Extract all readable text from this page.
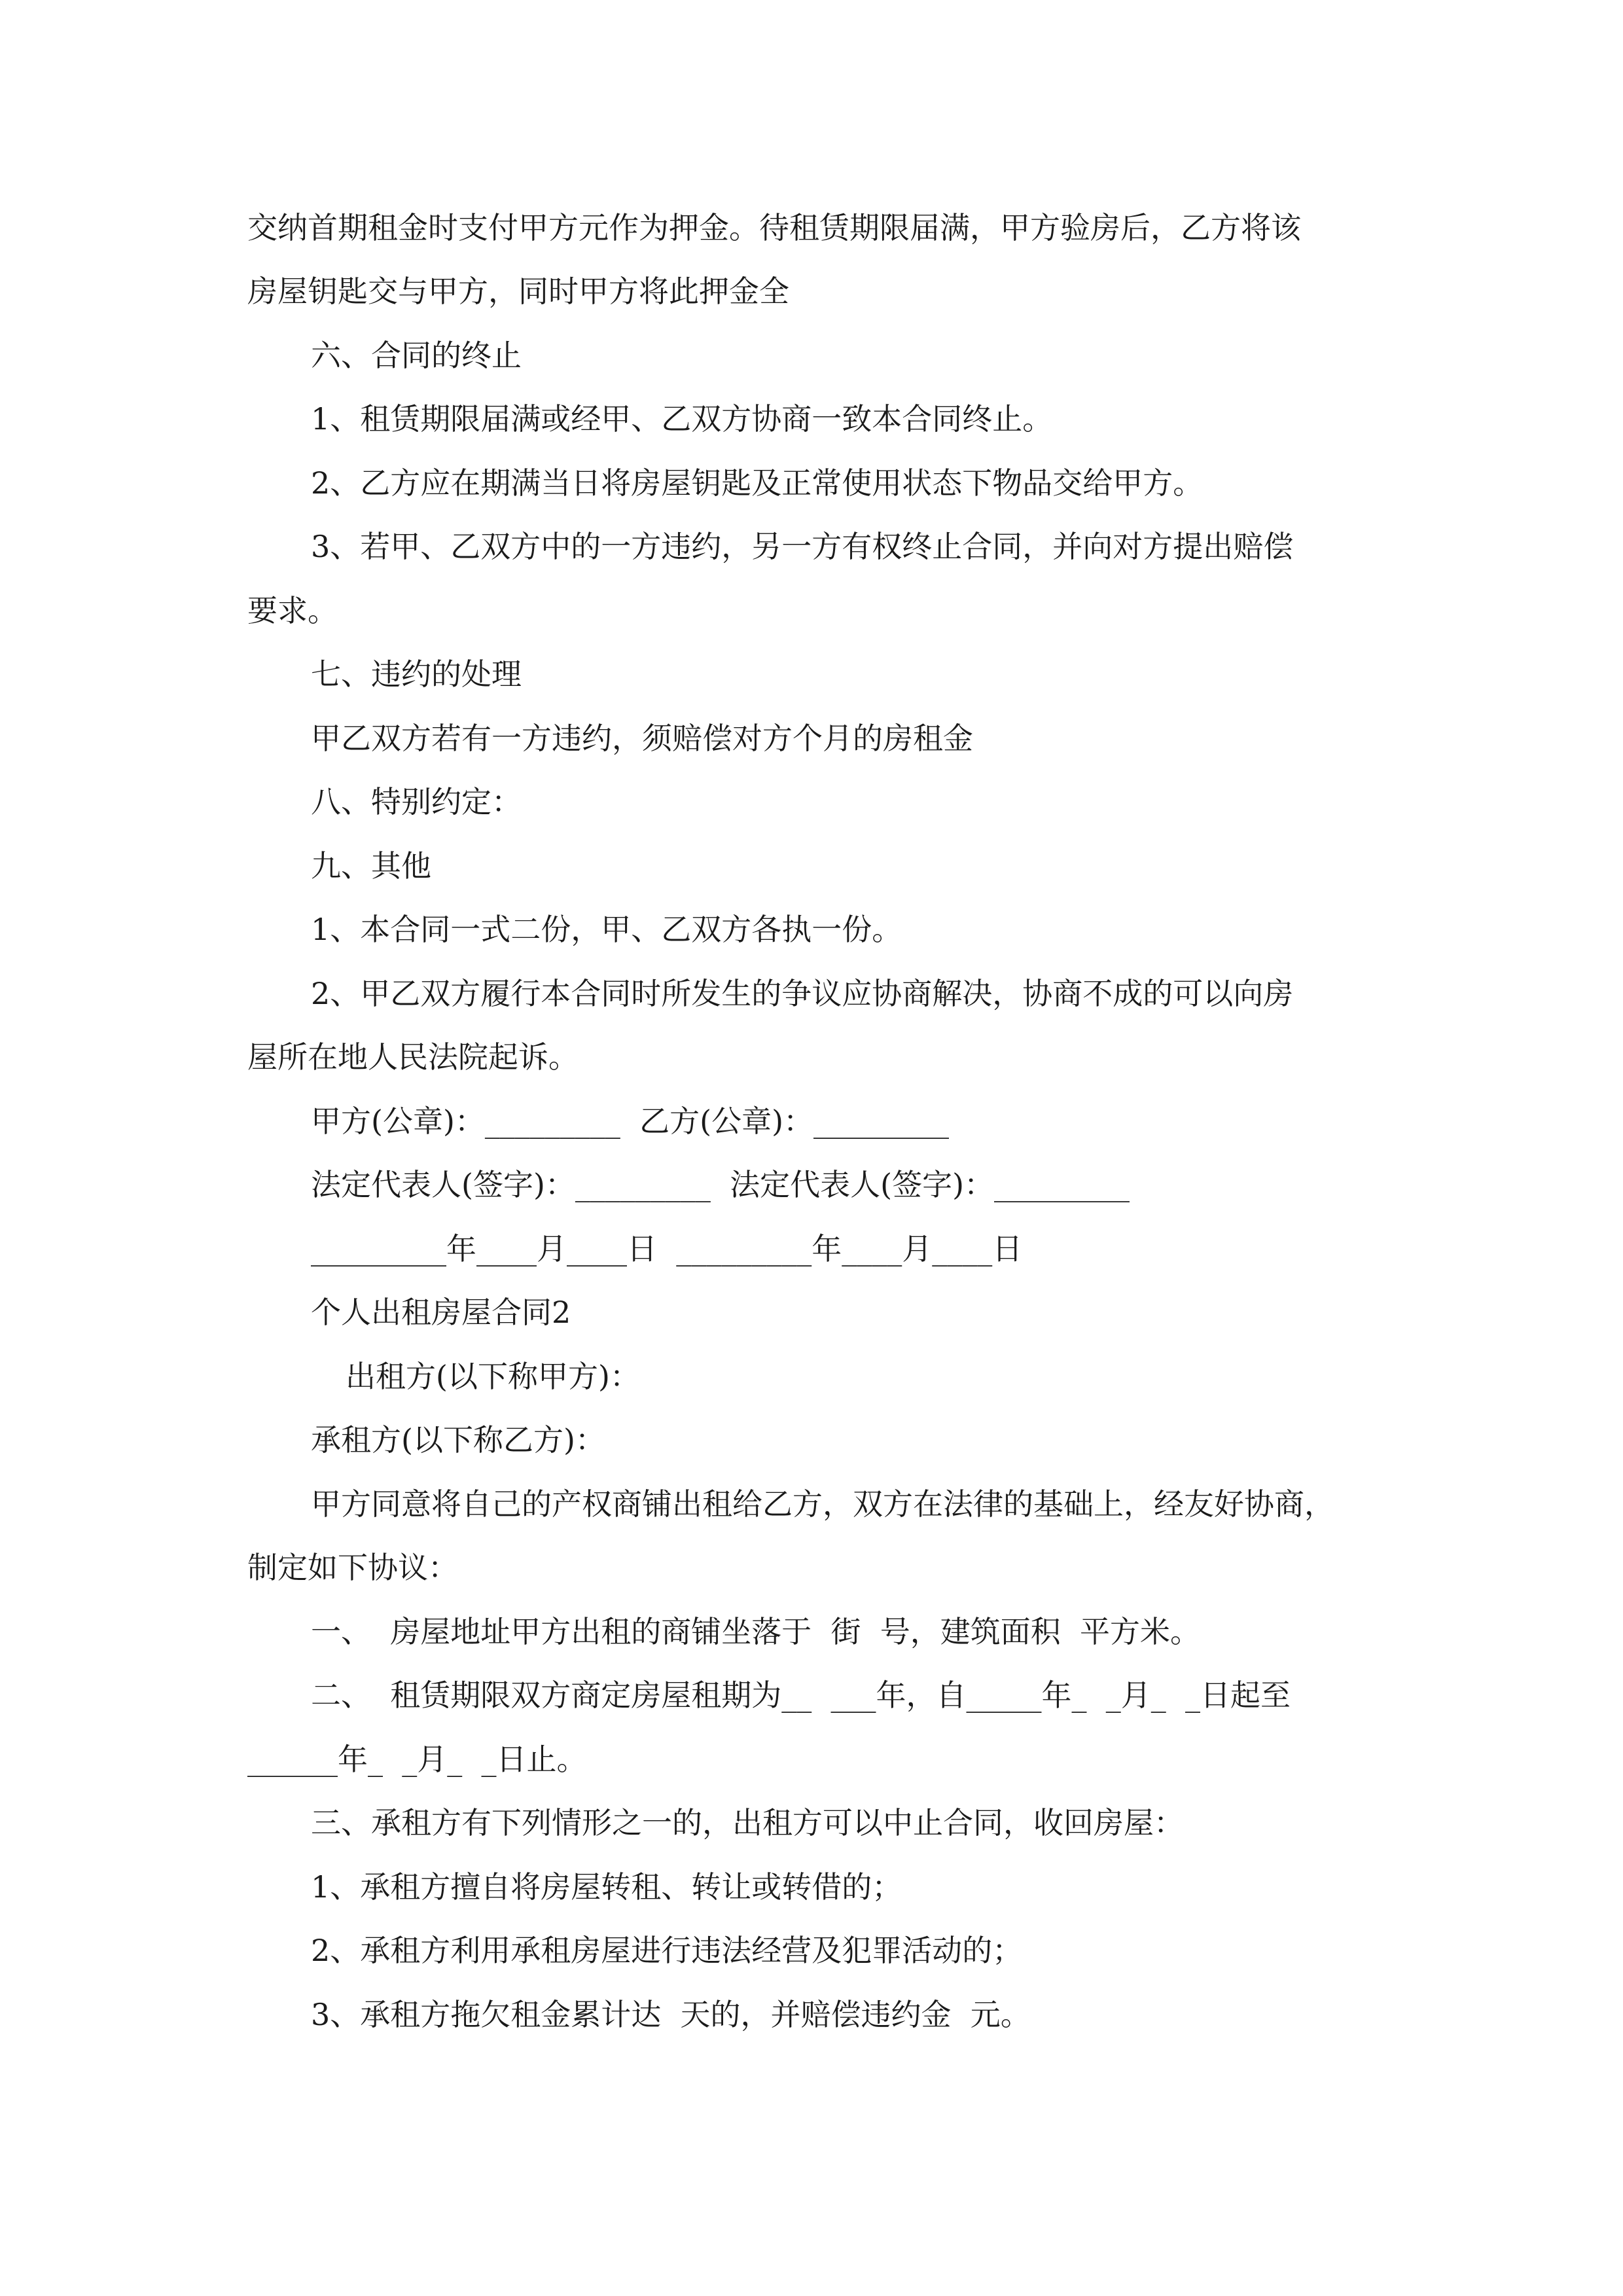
交纳首期租金时支付甲方元作为押金。待租赁期限届满，甲方验房后，乙方将该

房屋钥匙交与甲方，同时甲方将此押金全

六、合同的终止

1、租赁期限届满或经甲、乙双方协商一致本合同终止。

2、乙方应在期满当日将房屋钥匙及正常使用状态下物品交给甲方。

3、若甲、乙双方中的一方违约，另一方有权终止合同，并向对方提出赔偿

要求。

七、违约的处理

甲乙双方若有一方违约，须赔偿对方个月的房租金

八、特别约定：

九、其他

1、本合同一式二份，甲、乙双方各执一份。

2、甲乙双方履行本合同时所发生的争议应协商解决，协商不成的可以向房

屋所在地人民法院起诉。

甲方(公章)：_________  乙方(公章)：_________

法定代表人(签字)：_________  法定代表人(签字)：_________

_________年____月____日  _________年____月____日

个人出租房屋合同2

出租方(以下称甲方)：

承租方(以下称乙方)：

甲方同意将自己的产权商铺出租给乙方，双方在法律的基础上，经友好协商，

制定如下协议：

一、  房屋地址甲方出租的商铺坐落于  街  号，建筑面积  平方米。

二、  租赁期限双方商定房屋租期为__  ___年，自_____年_  _月_  _日起至

______年_  _月_  _日止。

三、承租方有下列情形之一的，出租方可以中止合同，收回房屋：

1、承租方擅自将房屋转租、转让或转借的；

2、承租方利用承租房屋进行违法经营及犯罪活动的；

3、承租方拖欠租金累计达  天的，并赔偿违约金  元。
